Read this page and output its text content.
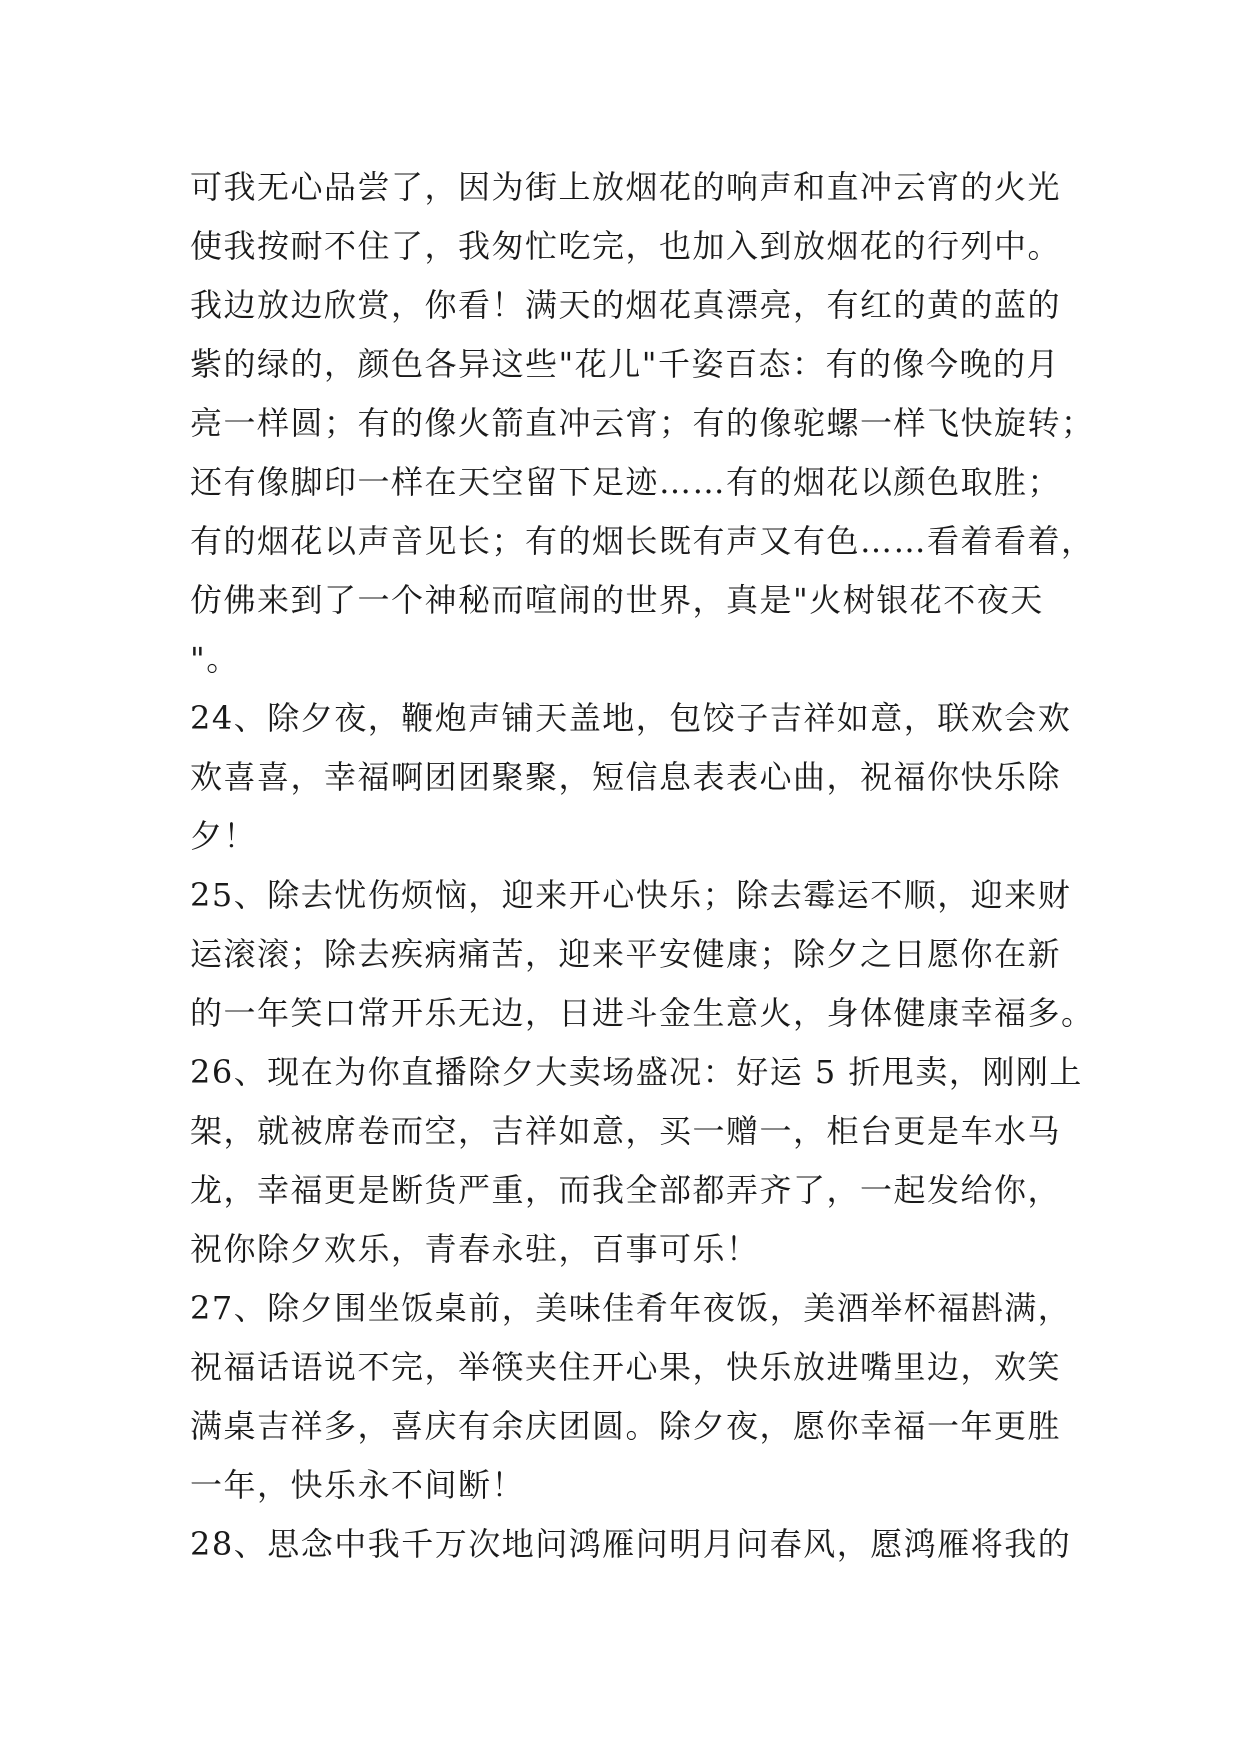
可我无心品尝了，因为街上放烟花的响声和直冲云宵的火光
使我按耐不住了，我匆忙吃完，也加入到放烟花的行列中。
我边放边欣赏，你看！满天的烟花真漂亮，有红的黄的蓝的
紫的绿的，颜色各异这些"花儿"千姿百态：有的像今晚的月
亮一样圆；有的像火箭直冲云宵；有的像驼螺一样飞快旋转；
还有像脚印一样在天空留下足迹……有的烟花以颜色取胜；
有的烟花以声音见长；有的烟长既有声又有色……看着看着，
仿佛来到了一个神秘而喧闹的世界，真是"火树银花不夜天
"。
24、除夕夜，鞭炮声铺天盖地，包饺子吉祥如意，联欢会欢
欢喜喜，幸福啊团团聚聚，短信息表表心曲，祝福你快乐除
夕！
25、除去忧伤烦恼，迎来开心快乐；除去霉运不顺，迎来财
运滚滚；除去疾病痛苦，迎来平安健康；除夕之日愿你在新
的一年笑口常开乐无边，日进斗金生意火，身体健康幸福多。
26、现在为你直播除夕大卖场盛况：好运 5 折甩卖，刚刚上
架，就被席卷而空，吉祥如意，买一赠一，柜台更是车水马
龙，幸福更是断货严重，而我全部都弄齐了，一起发给你，
祝你除夕欢乐，青春永驻，百事可乐！
27、除夕围坐饭桌前，美味佳肴年夜饭，美酒举杯福斟满，
祝福话语说不完，举筷夹住开心果，快乐放进嘴里边，欢笑
满桌吉祥多，喜庆有余庆团圆。除夕夜，愿你幸福一年更胜
一年，快乐永不间断！
28、思念中我千万次地问鸿雁问明月问春风，愿鸿雁将我的
